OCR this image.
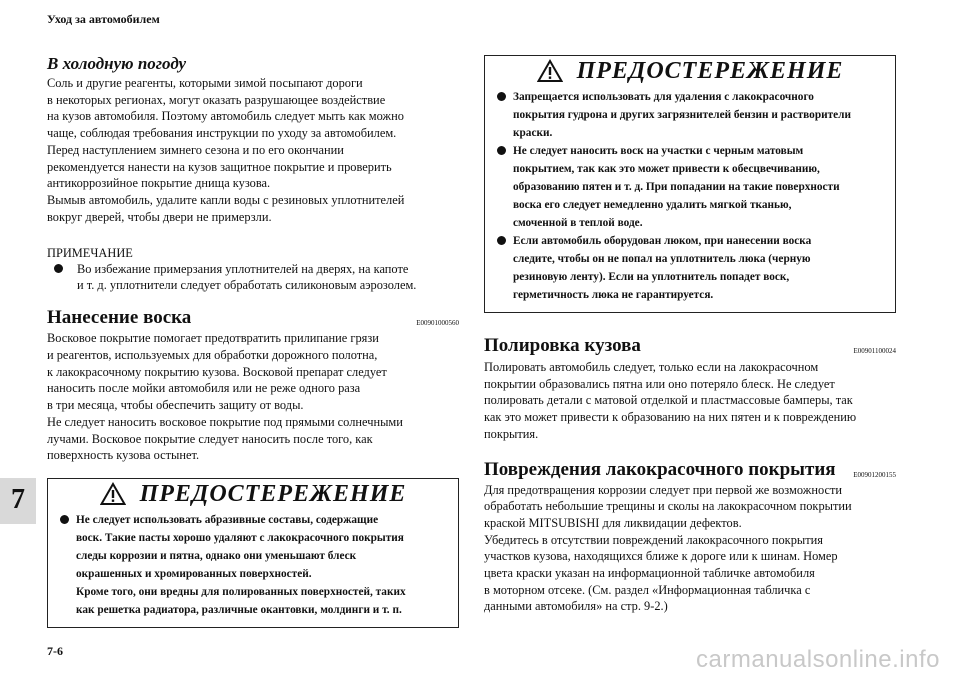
Уход за автомобилем
7
7-6	carmanualsonline.info
В холодную погоду
Соль и другие реагенты, которыми зимой посыпают дороги
в некоторых регионах, могут оказать разрушающее воздействие
на кузов автомобиля. Поэтому автомобиль следует мыть как можно
чаще, соблюдая требования инструкции по уходу за автомобилем.
Перед наступлением зимнего сезона и по его окончании
рекомендуется нанести на кузов защитное покрытие и проверить
антикоррозийное покрытие днища кузова.
Вымыв автомобиль, удалите капли воды с резиновых уплотнителей
вокруг дверей, чтобы двери не примерзли.
ПРИМЕЧАНИЕ
Во избежание примерзания уплотнителей на дверях, на капоте
и т. д. уплотнители следует обработать силиконовым аэрозолем.
Нанесение воска	E00901000560
Восковое покрытие помогает предотвратить прилипание грязи
и реагентов, используемых для обработки дорожного полотна,
к лакокрасочному покрытию кузова. Восковой препарат следует
наносить после мойки автомобиля или не реже одного раза
в три месяца, чтобы обеспечить защиту от воды.
Не следует наносить восковое покрытие под прямыми солнечными
лучами. Восковое покрытие следует наносить после того, как
поверхность кузова остынет.
ПРЕДОСТЕРЕЖЕНИЕ
Не следует использовать абразивные составы, содержащие
воск. Такие пасты хорошо удаляют с лакокрасочного покрытия
следы коррозии и пятна, однако они уменьшают блеск
окрашенных и хромированных поверхностей.
Кроме того, они вредны для полированных поверхностей, таких
как решетка радиатора, различные окантовки, молдинги и т. п.
ПРЕДОСТЕРЕЖЕНИЕ
Запрещается использовать для удаления с лакокрасочного
покрытия гудрона и других загрязнителей бензин и растворители
краски.
Не следует наносить воск на участки с черным матовым
покрытием, так как это может привести к обесцвечиванию,
образованию пятен и т. д. При попадании на такие поверхности
воска его следует немедленно удалить мягкой тканью,
смоченной в теплой воде.
Если автомобиль оборудован люком, при нанесении воска
следите, чтобы он не попал на уплотнитель люка (черную
резиновую ленту). Если на уплотнитель попадет воск,
герметичность люка не гарантируется.
Полировка кузова	E00901100024
Полировать автомобиль следует, только если на лакокрасочном
покрытии образовались пятна или оно потеряло блеск. Не следует
полировать детали с матовой отделкой и пластмассовые бамперы, так
как это может привести к образованию на них пятен и к повреждению
покрытия.
Повреждения лакокрасочного покрытия	E00901200155
Для предотвращения коррозии следует при первой же возможности
обработать небольшие трещины и сколы на лакокрасочном покрытии
краской MITSUBISHI для ликвидации дефектов.
Убедитесь в отсутствии повреждений лакокрасочного покрытия
участков кузова, находящихся ближе к дороге или к шинам. Номер
цвета краски указан на информационной табличке автомобиля
в моторном отсеке. (См. раздел «Информационная табличка с
данными автомобиля» на стр. 9-2.)
